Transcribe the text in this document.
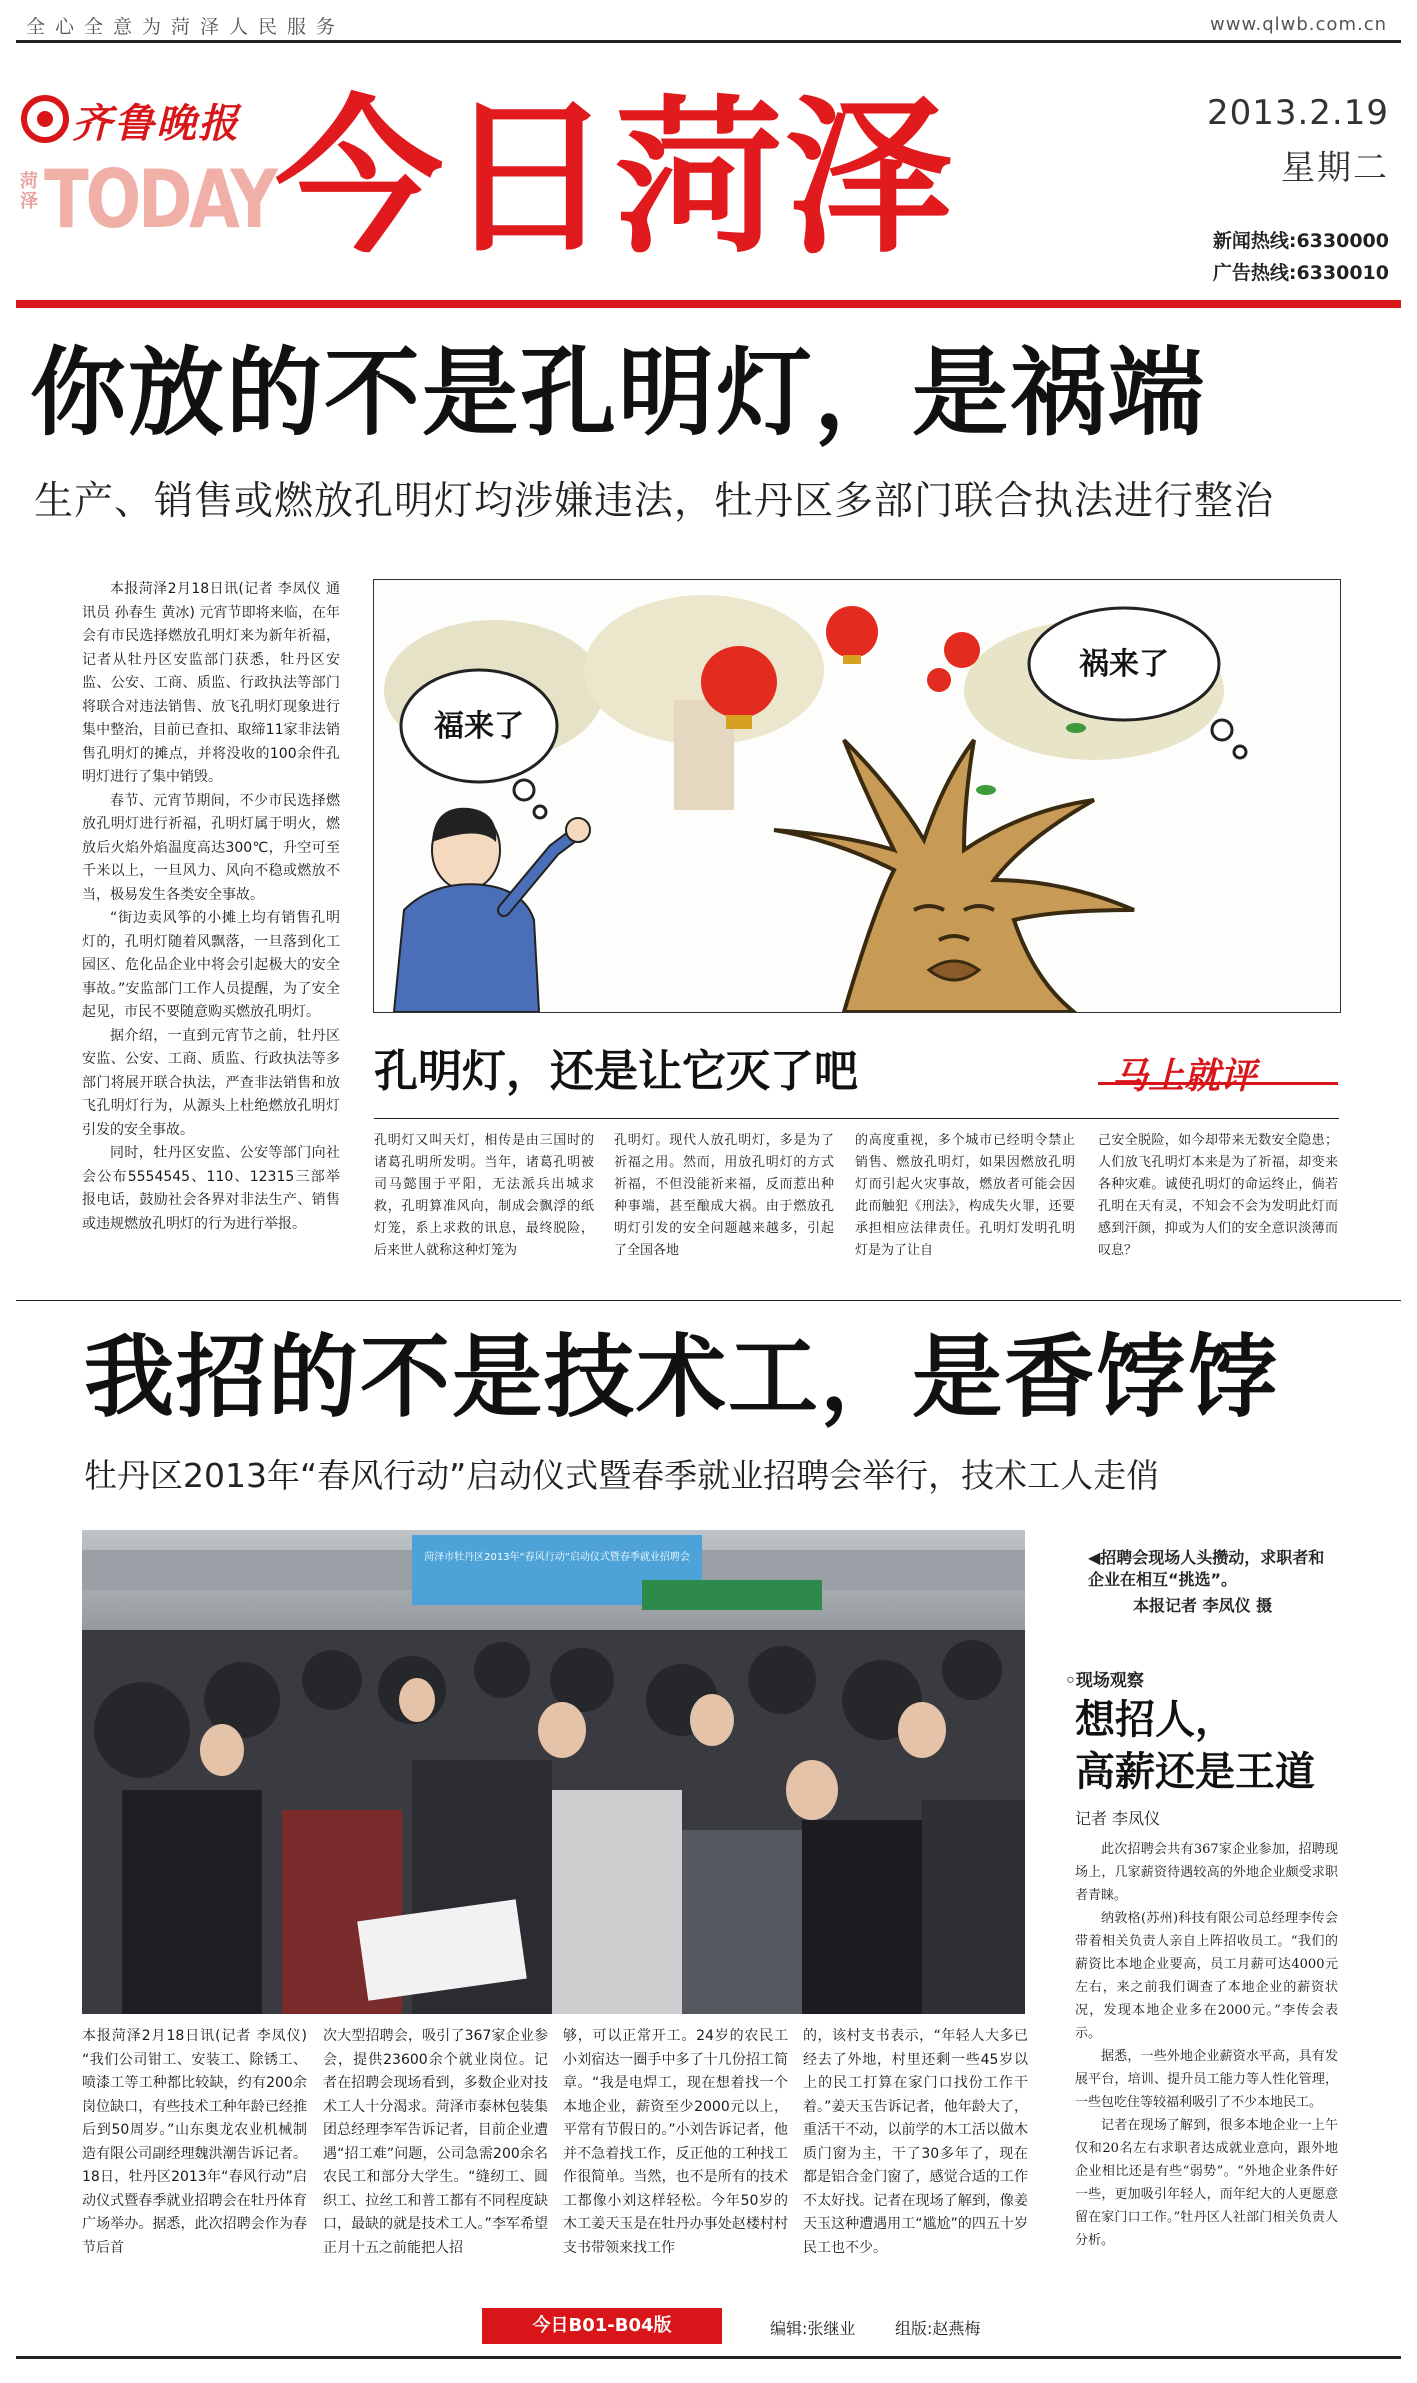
全心全意为菏泽人民服务	www.qlwb.com.cn
齐鲁晚报
菏泽 TODAY 今日菏泽	2013.2.19
星期二
新闻热线:6330000
广告热线:6330010
你放的不是孔明灯，是祸端
生产、销售或燃放孔明灯均涉嫌违法，牡丹区多部门联合执法进行整治

本报菏泽2月18日讯(记者 李凤仪 通讯员 孙春生 黄冰) 元宵节即将来临，在年会有市民选择燃放孔明灯来为新年祈福，记者从牡丹区安监部门获悉，牡丹区安监、公安、工商、质监、行政执法等部门将联合对违法销售、放飞孔明灯现象进行集中整治，目前已查扣、取缔11家非法销售孔明灯的摊点，并将没收的100余件孔明灯进行了集中销毁。

春节、元宵节期间，不少市民选择燃放孔明灯进行祈福，孔明灯属于明火，燃放后火焰外焰温度高达300℃，升空可至千米以上，一旦风力、风向不稳或燃放不当，极易发生各类安全事故。

“街边卖风筝的小摊上均有销售孔明灯的，孔明灯随着风飘落，一旦落到化工园区、危化品企业中将会引起极大的安全事故。”安监部门工作人员提醒，为了安全起见，市民不要随意购买燃放孔明灯。

据介绍，一直到元宵节之前，牡丹区安监、公安、工商、质监、行政执法等多部门将展开联合执法，严查非法销售和放飞孔明灯行为，从源头上杜绝燃放孔明灯引发的安全事故。

同时，牡丹区安监、公安等部门向社会公布5554545、110、12315三部举报电话，鼓励社会各界对非法生产、销售或违规燃放孔明灯的行为进行举报。

福来了
祸来了
孔明灯，还是让它灭了吧	马上就评
孔明灯又叫天灯，相传是由三国时的诸葛孔明所发明。当年，诸葛孔明被司马懿围于平阳，无法派兵出城求救，孔明算准风向，制成会飘浮的纸灯笼，系上求救的讯息，最终脱险，后来世人就称这种灯笼为
孔明灯。现代人放孔明灯，多是为了祈福之用。然而，用放孔明灯的方式祈福，不但没能祈来福，反而惹出种种事端，甚至酿成大祸。由于燃放孔明灯引发的安全问题越来越多，引起了全国各地
的高度重视，多个城市已经明令禁止销售、燃放孔明灯，如果因燃放孔明灯而引起火灾事故，燃放者可能会因此而触犯《刑法》，构成失火罪，还要承担相应法律责任。孔明灯发明孔明灯是为了让自
己安全脱险，如今却带来无数安全隐患；人们放飞孔明灯本来是为了祈福，却变来各种灾难。诚使孔明灯的命运终止，倘若孔明在天有灵，不知会不会为发明此灯而感到汗颜，抑或为人们的安全意识淡薄而叹息？
我招的不是技术工，是香饽饽
牡丹区2013年“春风行动”启动仪式暨春季就业招聘会举行，技术工人走俏
菏泽市牡丹区2013年“春风行动”启动仪式暨春季就业招聘会	◀招聘会现场人头攒动，求职者和企业在相互“挑选”。
本报记者 李凤仪 摄
◦现场观察
想招人，
高薪还是王道
记者 李凤仪

此次招聘会共有367家企业参加，招聘现场上，几家薪资待遇较高的外地企业颇受求职者青睐。

纳敦格(苏州)科技有限公司总经理李传会带着相关负责人亲自上阵招收员工。“我们的薪资比本地企业要高，员工月薪可达4000元左右，来之前我们调查了本地企业的薪资状况，发现本地企业多在2000元。”李传会表示。

据悉，一些外地企业薪资水平高，具有发展平台，培训、提升员工能力等人性化管理，一些包吃住等较福利吸引了不少本地民工。

记者在现场了解到，很多本地企业一上午仅和20名左右求职者达成就业意向，跟外地企业相比还是有些“弱势”。“外地企业条件好一些，更加吸引年轻人，而年纪大的人更愿意留在家门口工作。”牡丹区人社部门相关负责人分析。

本报菏泽2月18日讯(记者 李凤仪) “我们公司钳工、安装工、除锈工、喷漆工等工种都比较缺，约有200余岗位缺口，有些技术工种年龄已经推后到50周岁。”山东奥龙农业机械制造有限公司副经理魏洪潮告诉记者。18日，牡丹区2013年“春风行动”启动仪式暨春季就业招聘会在牡丹体育广场举办。据悉，此次招聘会作为春节后首
次大型招聘会，吸引了367家企业参会，提供23600余个就业岗位。记者在招聘会现场看到，多数企业对技术工人十分渴求。菏泽市泰林包装集团总经理李军告诉记者，目前企业遭遇“招工难”问题，公司急需200余名农民工和部分大学生。“缝纫工、圆织工、拉丝工和普工都有不同程度缺口，最缺的就是技术工人。”李军希望正月十五之前能把人招
够，可以正常开工。24岁的农民工小刘宿达一圈手中多了十几份招工简章。“我是电焊工，现在想着找一个本地企业，薪资至少2000元以上，平常有节假日的。”小刘告诉记者，他并不急着找工作，反正他的工种找工作很简单。当然，也不是所有的技术工都像小刘这样轻松。今年50岁的木工姜天玉是在牡丹办事处赵楼村村支书带领来找工作
的，该村支书表示，“年轻人大多已经去了外地，村里还剩一些45岁以上的民工打算在家门口找份工作干着。”姜天玉告诉记者，他年龄大了，重活干不动，以前学的木工活以做木质门窗为主，干了30多年了，现在都是铝合金门窗了，感觉合适的工作不太好找。记者在现场了解到，像姜天玉这种遭遇用工“尴尬”的四五十岁民工也不少。
今日B01-B04版	编辑:张继业 组版:赵燕梅
